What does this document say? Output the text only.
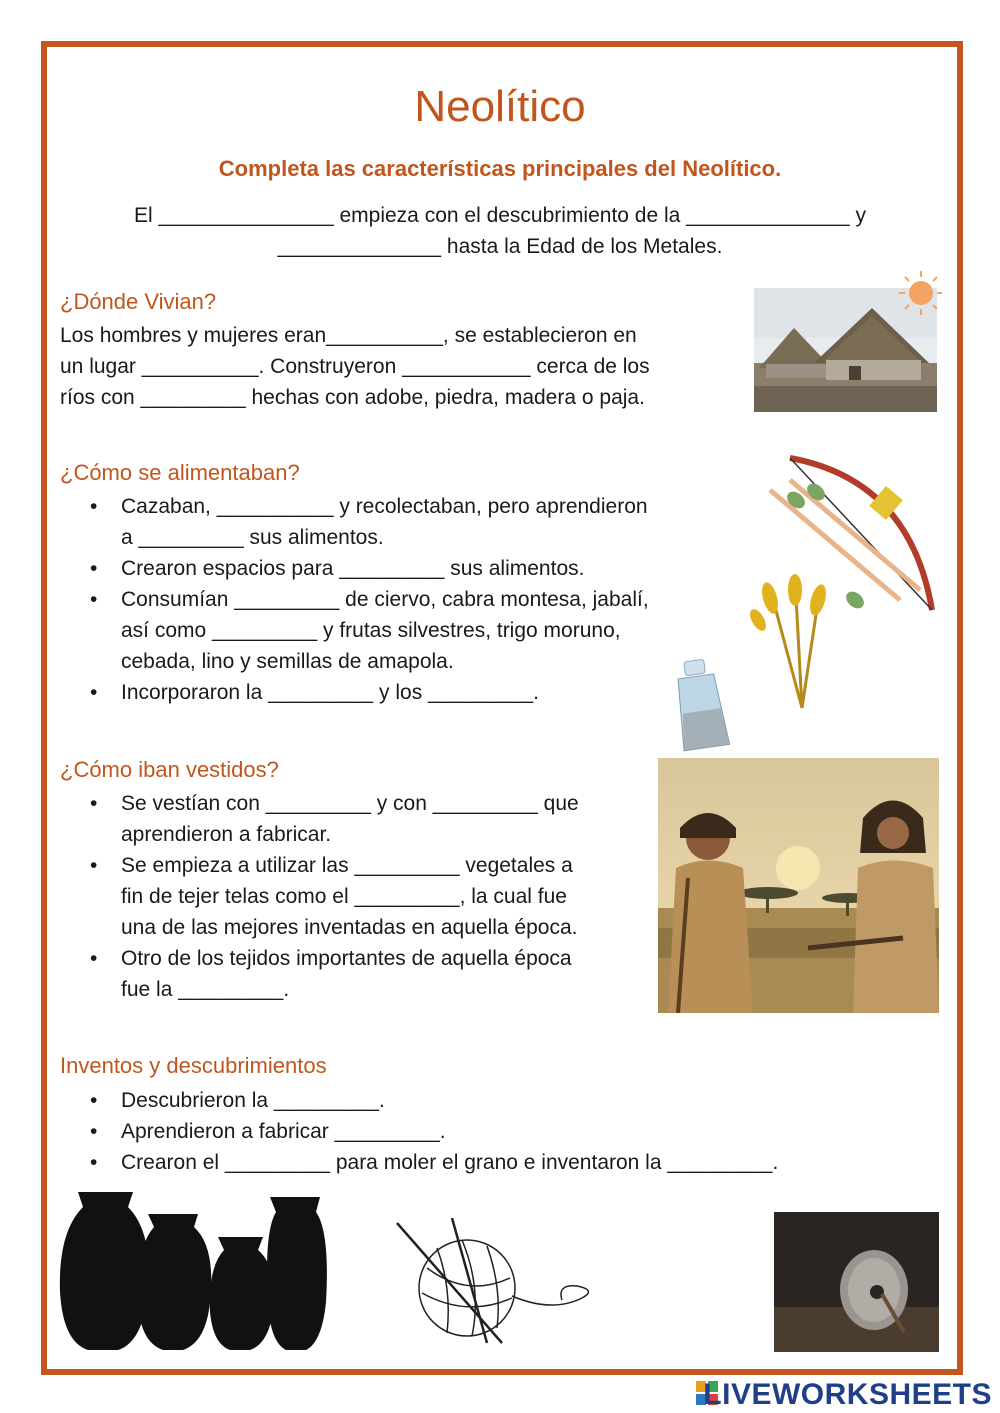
Neolítico
Completa las características principales del Neolítico.
El _______________ empieza con el descubrimiento de la ______________ y
______________ hasta la Edad de los Metales.
¿Dónde Vivian?
Los hombres y mujeres eran__________, se establecieron en
un lugar __________. Construyeron ___________ cerca de los
ríos con _________ hechas con adobe, piedra, madera o paja.
¿Cómo se alimentaban?
• Cazaban, __________ y recolectaban, pero aprendieron
a _________ sus alimentos.
• Crearon espacios para _________ sus alimentos.
• Consumían _________ de ciervo, cabra montesa, jabalí,
así como _________ y frutas silvestres, trigo moruno,
cebada, lino y semillas de amapola.
• Incorporaron la _________ y los _________.
¿Cómo iban vestidos?
• Se vestían con _________ y con _________ que
aprendieron a fabricar.
• Se empieza a utilizar las _________ vegetales a
fin de tejer telas como el _________, la cual fue
una de las mejores inventadas en aquella época.
• Otro de los tejidos importantes de aquella época
fue la _________.
Inventos y descubrimientos
• Descubrieron la _________.
• Aprendieron a fabricar _________.
• Crearon el _________ para moler el grano e inventaron la _________.
LIVEWORKSHEETS
